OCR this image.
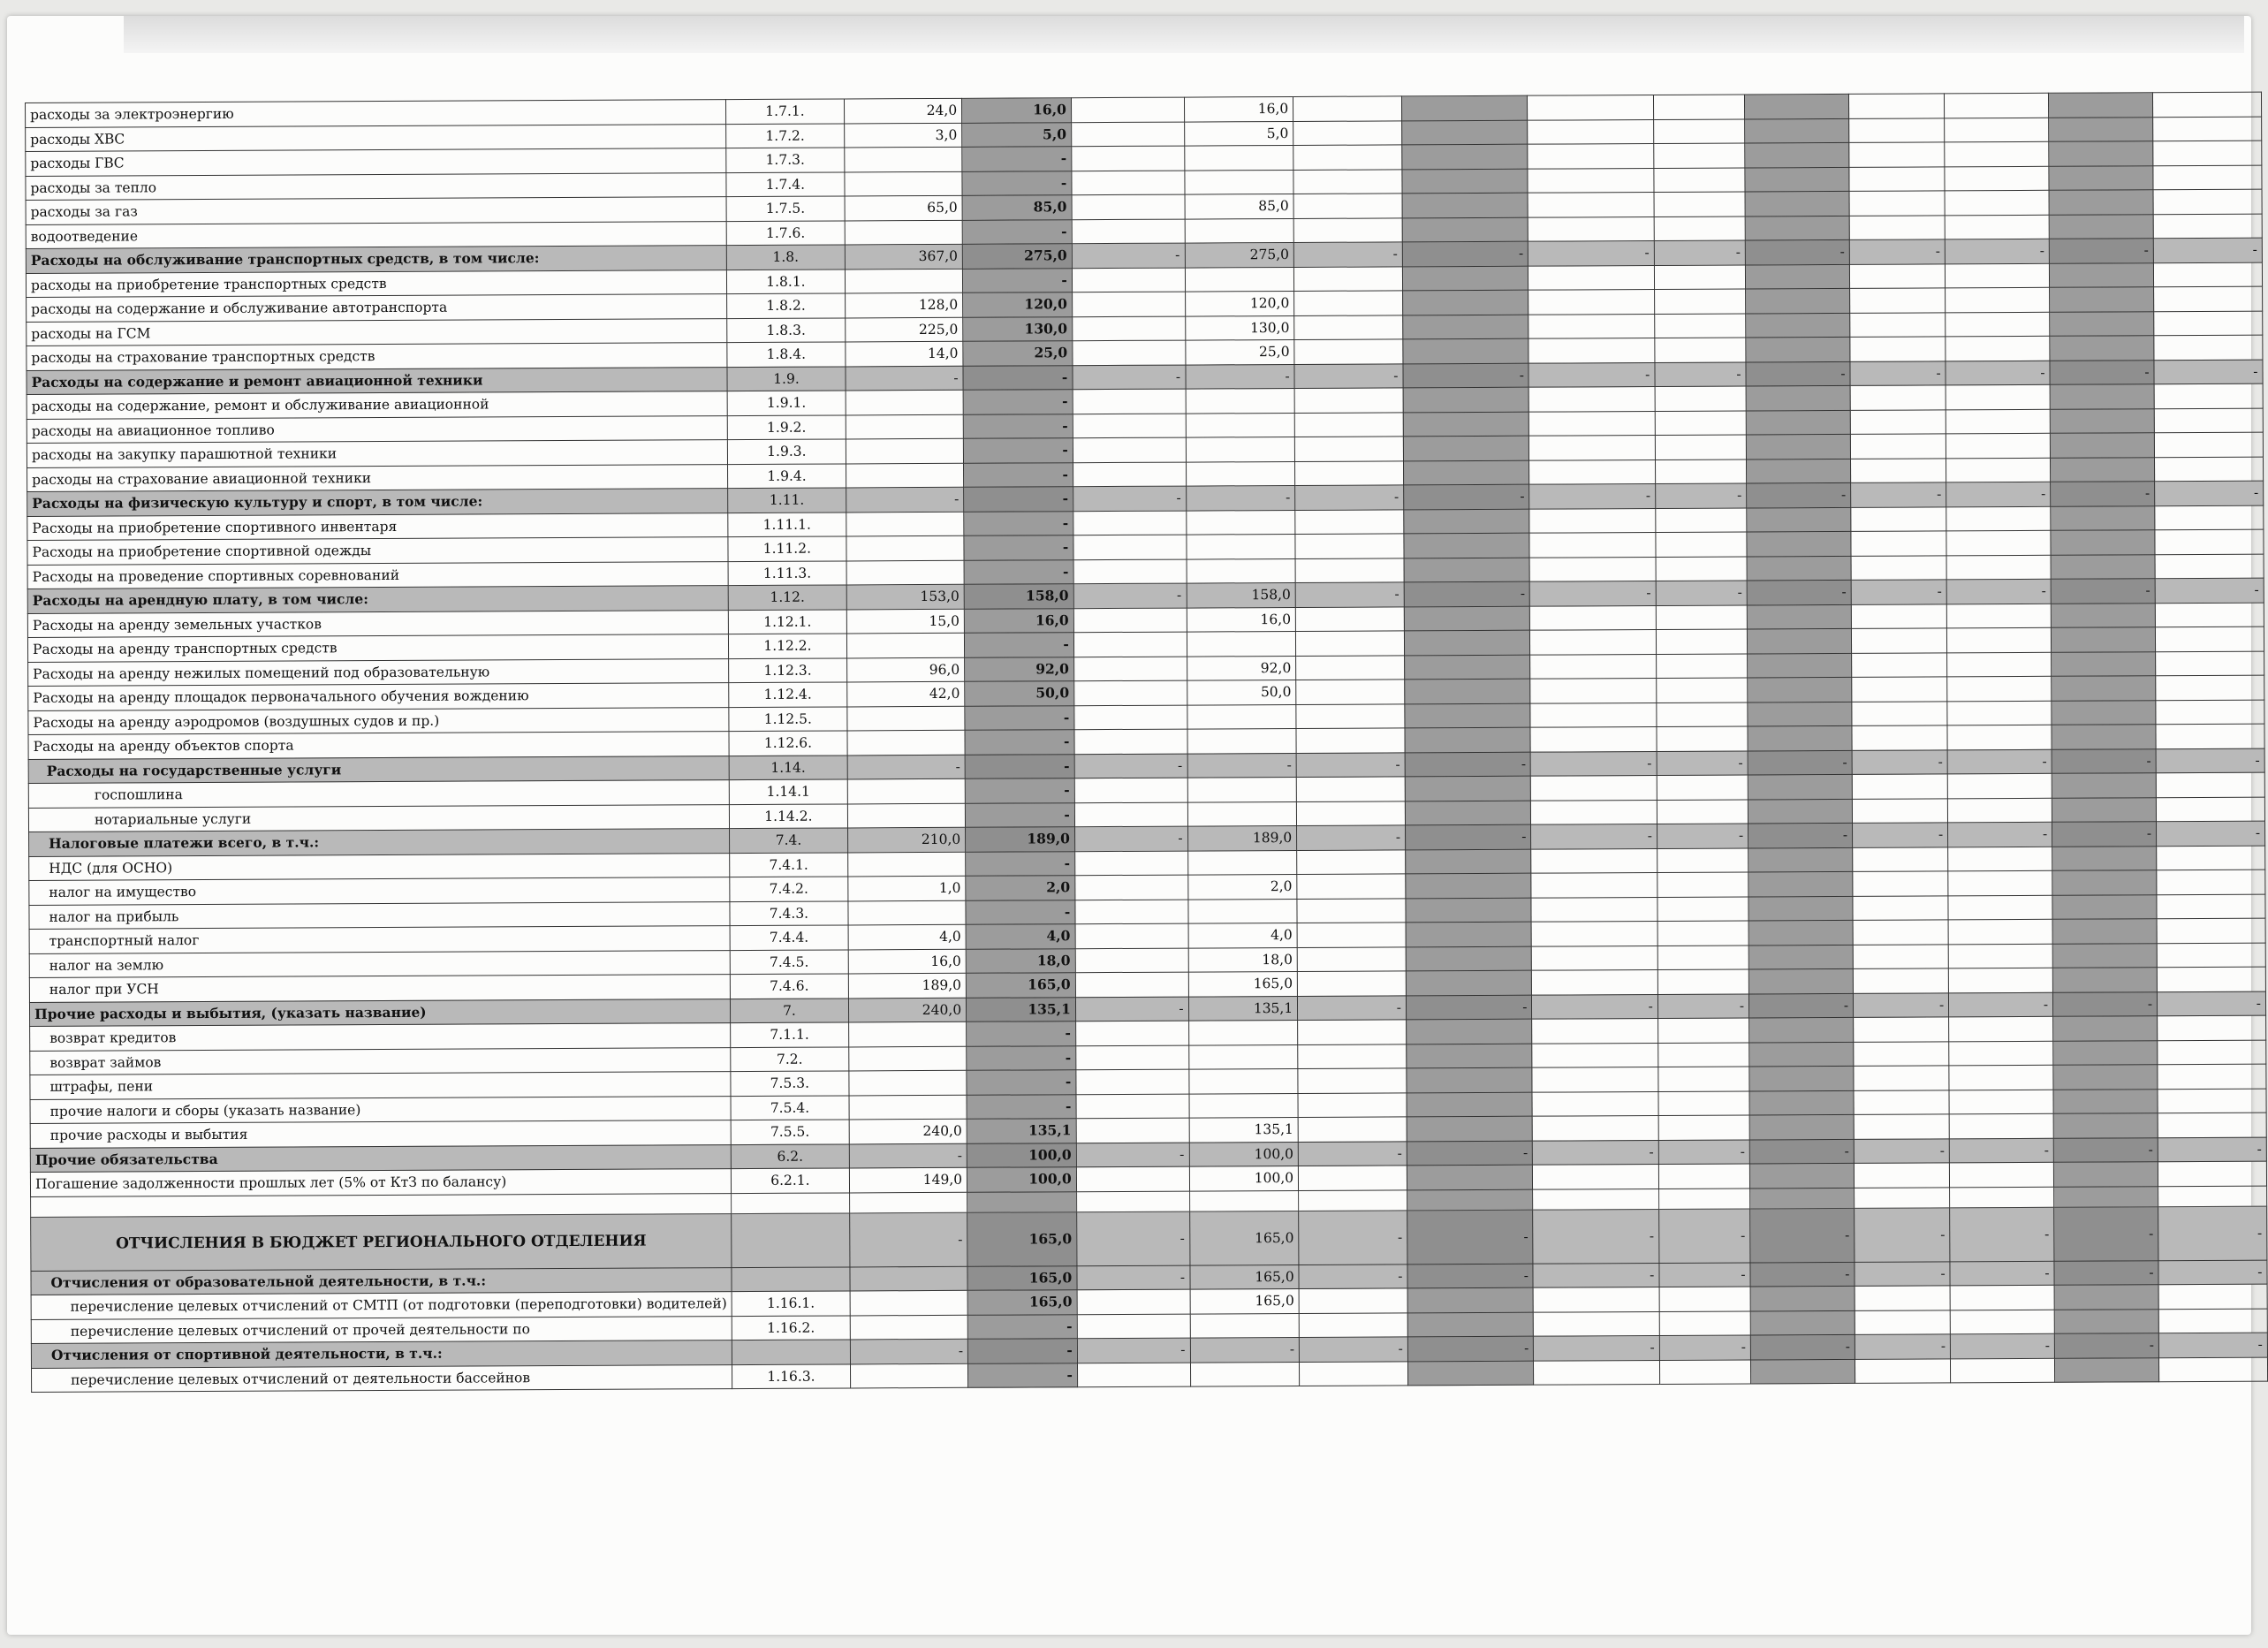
расходы за электроэнергию	1.7.1.	24,0	16,0		16,0									
расходы ХВС	1.7.2.	3,0	5,0		5,0									
расходы ГВС	1.7.3.		-											
расходы за тепло	1.7.4.		-											
расходы за газ	1.7.5.	65,0	85,0		85,0									
водоотведение	1.7.6.		-											
Расходы на обслуживание транспортных средств, в том числе:	1.8.	367,0	275,0	-	275,0	-	-	-	-	-	-	-	-	-
расходы на приобретение транспортных средств	1.8.1.		-											
расходы на содержание и обслуживание автотранспорта	1.8.2.	128,0	120,0		120,0									
расходы на ГСМ	1.8.3.	225,0	130,0		130,0									
расходы на страхование транспортных средств	1.8.4.	14,0	25,0		25,0									
Расходы на содержание и ремонт авиационной техники	1.9.	-	-	-	-	-	-	-	-	-	-	-	-	-
расходы на содержание, ремонт и обслуживание авиационной	1.9.1.		-											
расходы на авиационное топливо	1.9.2.		-											
расходы на закупку парашютной техники	1.9.3.		-											
расходы на страхование авиационной техники	1.9.4.		-											
Расходы на физическую культуру и спорт, в том числе:	1.11.	-	-	-	-	-	-	-	-	-	-	-	-	-
Расходы на приобретение спортивного инвентаря	1.11.1.		-											
Расходы на приобретение спортивной одежды	1.11.2.		-											
Расходы на проведение спортивных соревнований	1.11.3.		-											
Расходы на арендную плату, в том числе:	1.12.	153,0	158,0	-	158,0	-	-	-	-	-	-	-	-	-
Расходы на аренду земельных участков	1.12.1.	15,0	16,0		16,0									
Расходы на аренду транспортных средств	1.12.2.		-											
Расходы на аренду нежилых помещений под образовательную	1.12.3.	96,0	92,0		92,0									
Расходы на аренду площадок первоначального обучения вождению	1.12.4.	42,0	50,0		50,0									
Расходы на аренду аэродромов (воздушных судов и пр.)	1.12.5.		-											
Расходы на аренду объектов спорта	1.12.6.		-											
Расходы на государственные услуги	1.14.	-	-	-	-	-	-	-	-	-	-	-	-	-
госпошлина	1.14.1		-											
нотариальные услуги	1.14.2.		-											
Налоговые платежи всего, в т.ч.:	7.4.	210,0	189,0	-	189,0	-	-	-	-	-	-	-	-	-
НДС (для ОСНО)	7.4.1.		-											
налог на имущество	7.4.2.	1,0	2,0		2,0									
налог на прибыль	7.4.3.		-											
транспортный налог	7.4.4.	4,0	4,0		4,0									
налог на землю	7.4.5.	16,0	18,0		18,0									
налог при УСН	7.4.6.	189,0	165,0		165,0									
Прочие расходы и выбытия, (указать название)	7.	240,0	135,1	-	135,1	-	-	-	-	-	-	-	-	-
возврат кредитов	7.1.1.		-											
возврат займов	7.2.		-											
штрафы, пени	7.5.3.		-											
прочие налоги и сборы (указать название)	7.5.4.		-											
прочие расходы и выбытия	7.5.5.	240,0	135,1		135,1									
Прочие обязательства	6.2.	-	100,0	-	100,0	-	-	-	-	-	-	-	-	-
Погашение задолженности прошлых лет (5% от КтЗ по балансу)	6.2.1.	149,0	100,0		100,0									

ОТЧИСЛЕНИЯ В БЮДЖЕТ РЕГИОНАЛЬНОГО ОТДЕЛЕНИЯ		-	165,0	-	165,0	-	-	-	-	-	-	-	-	-
Отчисления от образовательной деятельности, в т.ч.:			165,0	-	165,0	-	-	-	-	-	-	-	-	-
перечисление целевых отчислений от СМТП (от подготовки (переподготовки) водителей)	1.16.1.		165,0		165,0									
перечисление целевых отчислений от прочей деятельности по	1.16.2.		-											
Отчисления от спортивной деятельности, в т.ч.:		-	-	-	-	-	-	-	-	-	-	-	-	-
перечисление целевых отчислений от деятельности бассейнов	1.16.3.		-											
